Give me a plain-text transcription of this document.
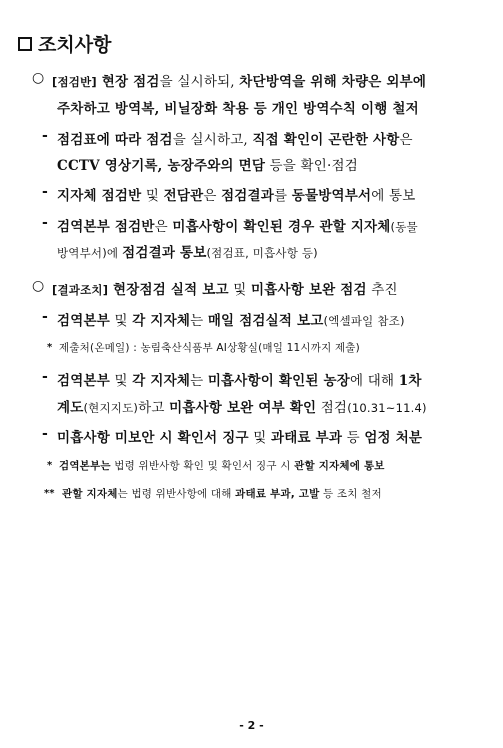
조치사항
○ [점검반] 현장 점검을 실시하되, 차단방역을 위해 차량은 외부에
주차하고 방역복, 비닐장화 착용 등 개인 방역수칙 이행 철저
- 점검표에 따라 점검을 실시하고, 직접 확인이 곤란한 사항은
CCTV 영상기록, 농장주와의 면담 등을 확인·점검
- 지자체 점검반 및 전담관은 점검결과를 동물방역부서에 통보
- 검역본부 점검반은 미흡사항이 확인된 경우 관할 지자체(동물
방역부서)에 점검결과 통보(점검표, 미흡사항 등)
○ [결과조치] 현장점검 실적 보고 및 미흡사항 보완 점검 추진
- 검역본부 및 각 지자체는 매일 점검실적 보고(엑셀파일 참조)
* 제출처(온메일) : 농림축산식품부 AI상황실(매일 11시까지 제출)
- 검역본부 및 각 지자체는 미흡사항이 확인된 농장에 대해 1차
계도(현지지도)하고 미흡사항 보완 여부 확인 점검(10.31~11.4)
- 미흡사항 미보안 시 확인서 징구 및 과태료 부과 등 엄정 처분
* 검역본부는 법령 위반사항 확인 및 확인서 징구 시 관할 지자체에 통보
** 관할 지자체는 법령 위반사항에 대해 과태료 부과, 고발 등 조치 철저
- 2 -
